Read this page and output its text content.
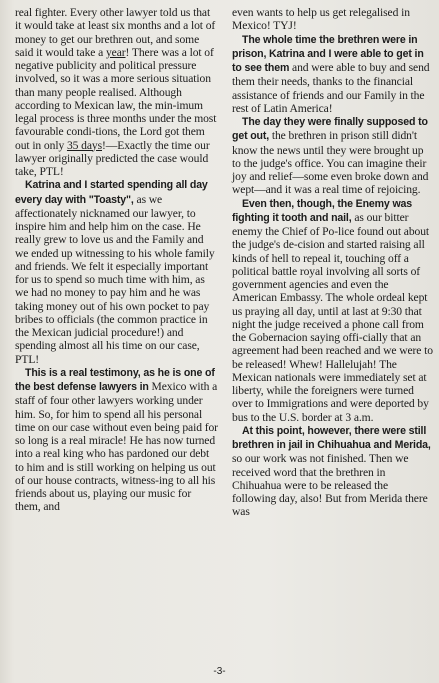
real fighter. Every other lawyer told us that it would take at least six months and a lot of money to get our brethren out, and some said it would take a year! There was a lot of negative publicity and political pressure involved, so it was a more serious situation than many people realised. Although according to Mexican law, the min-imum legal process is three months under the most favourable condi-tions, the Lord got them out in only 35 days!—Exactly the time our lawyer originally predicted the case would take, PTL!

Katrina and I started spending all day every day with "Toasty", as we affectionately nicknamed our lawyer, to inspire him and help him on the case. He really grew to love us and the Family and we ended up witnessing to his whole family and friends. We felt it especially important for us to spend so much time with him, as we had no money to pay him and he was taking money out of his own pocket to pay bribes to officials (the common practice in the Mexican judicial procedure!) and spending almost all his time on our case, PTL!

This is a real testimony, as he is one of the best defense lawyers in Mexico with a staff of four other lawyers working under him. So, for him to spend all his personal time on our case without even being paid for so long is a real miracle! He has now turned into a real king who has pardoned our debt to him and is still working on helping us out of our house contracts, witness-ing to all his friends about us, playing our music for them, and

even wants to help us get relegalised in Mexico! TYJ!

The whole time the brethren were in prison, Katrina and I were able to get in to see them and were able to buy and send them their needs, thanks to the financial assistance of friends and our Family in the rest of Latin America!

The day they were finally supposed to get out, the brethren in prison still didn't know the news until they were brought up to the judge's office. You can imagine their joy and relief—some even broke down and wept—and it was a real time of rejoicing.

Even then, though, the Enemy was fighting it tooth and nail, as our bitter enemy the Chief of Po-lice found out about the judge's de-cision and started raising all kinds of hell to repeal it, touching off a political battle royal involving all sorts of government agencies and even the American Embassy. The whole ordeal kept us praying all day, until at last at 9:30 that night the judge received a phone call from the Gobernacion saying offi-cially that an agreement had been reached and we were to be released! Whew! Hallelujah! The Mexican nationals were immediately set at liberty, while the foreigners were turned over to Immigrations and were deported by bus to the U.S. border at 3 a.m.

At this point, however, there were still brethren in jail in Chihuahua and Merida, so our work was not finished. Then we received word that the brethren in Chihuahua were to be released the following day, also! But from Merida there was

-3-
